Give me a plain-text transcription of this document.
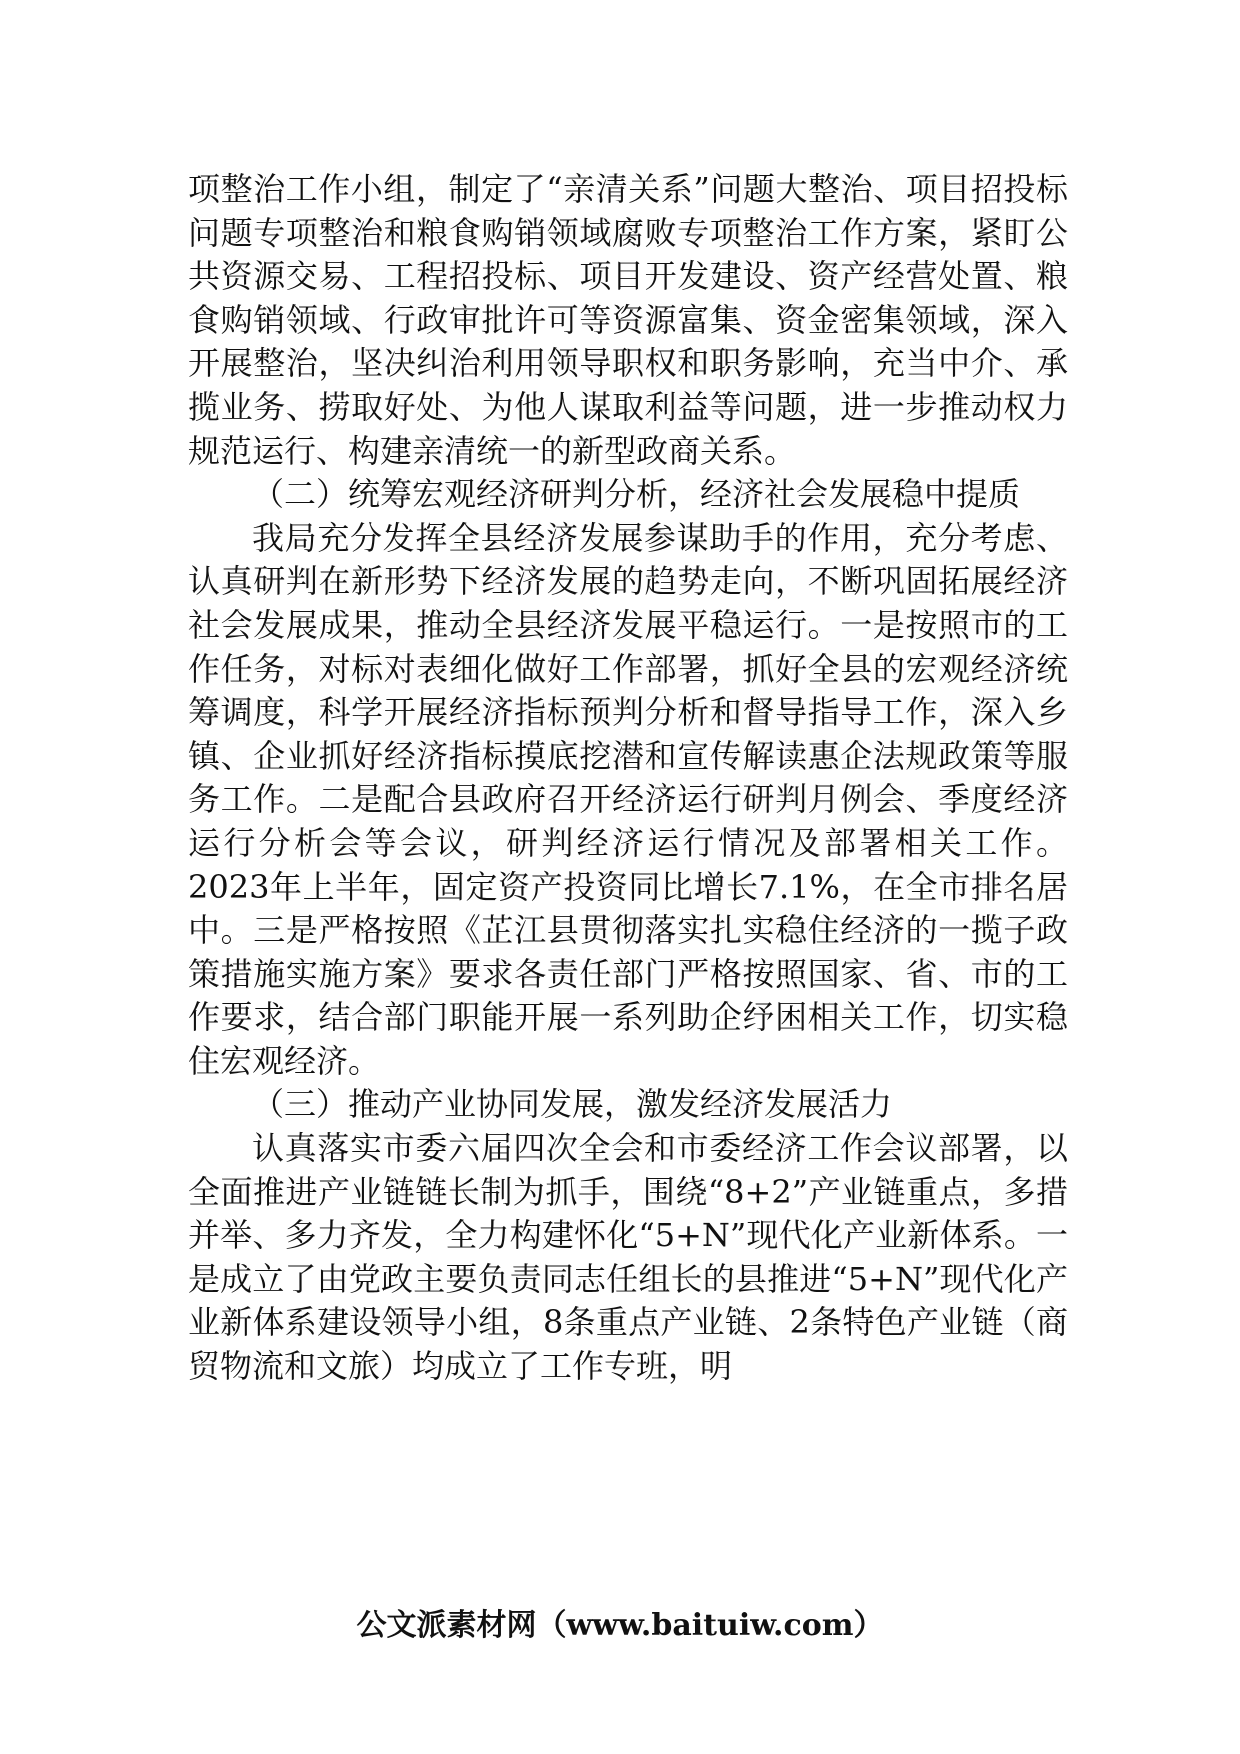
项整治工作小组，制定了“亲清关系”问题大整治、项目招投标问题专项整治和粮食购销领域腐败专项整治工作方案，紧盯公共资源交易、工程招投标、项目开发建设、资产经营处置、粮食购销领域、行政审批许可等资源富集、资金密集领域，深入开展整治，坚决纠治利用领导职权和职务影响，充当中介、承揽业务、捞取好处、为他人谋取利益等问题，进一步推动权力规范运行、构建亲清统一的新型政商关系。

（二）统筹宏观经济研判分析，经济社会发展稳中提质

我局充分发挥全县经济发展参谋助手的作用，充分考虑、认真研判在新形势下经济发展的趋势走向，不断巩固拓展经济社会发展成果，推动全县经济发展平稳运行。一是按照市的工作任务，对标对表细化做好工作部署，抓好全县的宏观经济统筹调度，科学开展经济指标预判分析和督导指导工作，深入乡镇、企业抓好经济指标摸底挖潜和宣传解读惠企法规政策等服务工作。二是配合县政府召开经济运行研判月例会、季度经济运行分析会等会议，研判经济运行情况及部署相关工作。2023年上半年，固定资产投资同比增长7.1%，在全市排名居中。三是严格按照《芷江县贯彻落实扎实稳住经济的一揽子政策措施实施方案》要求各责任部门严格按照国家、省、市的工作要求，结合部门职能开展一系列助企纾困相关工作，切实稳住宏观经济。

（三）推动产业协同发展，激发经济发展活力

认真落实市委六届四次全会和市委经济工作会议部署，以全面推进产业链链长制为抓手，围绕“8+2”产业链重点，多措并举、多力齐发，全力构建怀化“5+N”现代化产业新体系。一是成立了由党政主要负责同志任组长的县推进“5+N”现代化产业新体系建设领导小组，8条重点产业链、2条特色产业链（商贸物流和文旅）均成立了工作专班，明

公文派素材网（www.baituiw.com）
